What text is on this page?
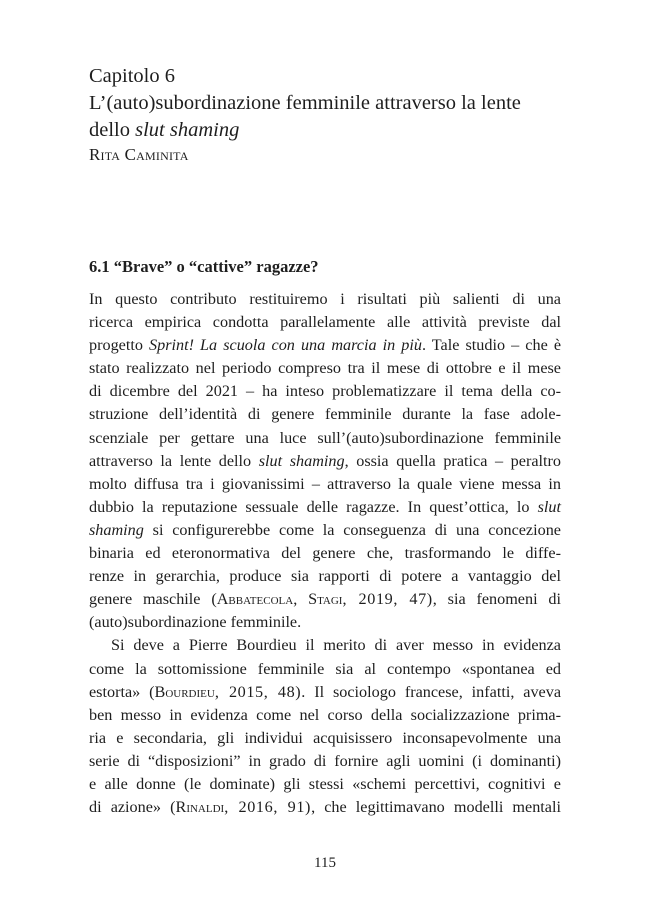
Capitolo 6
L’(auto)subordinazione femminile attraverso la lente
dello slut shaming
Rita Caminita
6.1 “Brave” o “cattive” ragazze?

In questo contributo restituiremo i risultati più salienti di una
ricerca empirica condotta parallelamente alle attività previste dal
progetto Sprint! La scuola con una marcia in più. Tale studio – che è
stato realizzato nel periodo compreso tra il mese di ottobre e il mese
di dicembre del 2021 – ha inteso problematizzare il tema della co-
struzione dell’identità di genere femminile durante la fase adole-
scenziale per gettare una luce sull’(auto)subordinazione femminile
attraverso la lente dello slut shaming, ossia quella pratica – peraltro
molto diffusa tra i giovanissimi – attraverso la quale viene messa in
dubbio la reputazione sessuale delle ragazze. In quest’ottica, lo slut
shaming si configurerebbe come la conseguenza di una concezione
binaria ed eteronormativa del genere che, trasformando le diffe-
renze in gerarchia, produce sia rapporti di potere a vantaggio del
genere maschile (Abbatecola, Stagi, 2019, 47), sia fenomeni di
(auto)subordinazione femminile.

Si deve a Pierre Bourdieu il merito di aver messo in evidenza
come la sottomissione femminile sia al contempo «spontanea ed
estorta» (Bourdieu, 2015, 48). Il sociologo francese, infatti, aveva
ben messo in evidenza come nel corso della socializzazione prima-
ria e secondaria, gli individui acquisissero inconsapevolmente una
serie di “disposizioni” in grado di fornire agli uomini (i dominanti)
e alle donne (le dominate) gli stessi «schemi percettivi, cognitivi e
di azione» (Rinaldi, 2016, 91), che legittimavano modelli mentali

115
